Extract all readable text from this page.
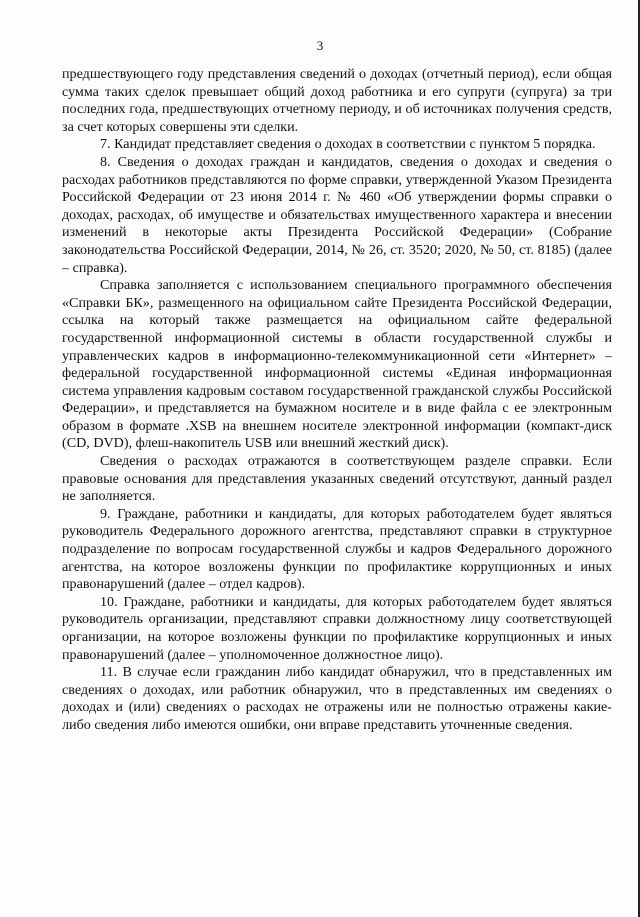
3

предшествующего году представления сведений о доходах (отчетный период), если общая сумма таких сделок превышает общий доход работника и его супруги (супруга) за три последних года, предшествующих отчетному периоду, и об источниках получения средств, за счет которых совершены эти сделки.

7. Кандидат представляет сведения о доходах в соответствии с пунктом 5 порядка.

8. Сведения о доходах граждан и кандидатов, сведения о доходах и сведения о расходах работников представляются по форме справки, утвержденной Указом Президента Российской Федерации от 23 июня 2014 г. № 460 «Об утверждении формы справки о доходах, расходах, об имуществе и обязательствах имущественного характера и внесении изменений в некоторые акты Президента Российской Федерации» (Собрание законодательства Российской Федерации, 2014, № 26, ст. 3520; 2020, № 50, ст. 8185) (далее – справка).

Справка заполняется с использованием специального программного обеспечения «Справки БК», размещенного на официальном сайте Президента Российской Федерации, ссылка на который также размещается на официальном сайте федеральной государственной информационной системы в области государственной службы и управленческих кадров в информационно-телекоммуникационной сети «Интернет» – федеральной государственной информационной системы «Единая информационная система управления кадровым составом государственной гражданской службы Российской Федерации», и представляется на бумажном носителе и в виде файла с ее электронным образом в формате .XSB на внешнем носителе электронной информации (компакт-диск (CD, DVD), флеш-накопитель USB или внешний жесткий диск).

Сведения о расходах отражаются в соответствующем разделе справки. Если правовые основания для представления указанных сведений отсутствуют, данный раздел не заполняется.

9. Граждане, работники и кандидаты, для которых работодателем будет являться руководитель Федерального дорожного агентства, представляют справки в структурное подразделение по вопросам государственной службы и кадров Федерального дорожного агентства, на которое возложены функции по профилактике коррупционных и иных правонарушений (далее – отдел кадров).

10. Граждане, работники и кандидаты, для которых работодателем будет являться руководитель организации, представляют справки должностному лицу соответствующей организации, на которое возложены функции по профилактике коррупционных и иных правонарушений (далее – уполномоченное должностное лицо).

11. В случае если гражданин либо кандидат обнаружил, что в представленных им сведениях о доходах, или работник обнаружил, что в представленных им сведениях о доходах и (или) сведениях о расходах не отражены или не полностью отражены какие-либо сведения либо имеются ошибки, они вправе представить уточненные сведения.
